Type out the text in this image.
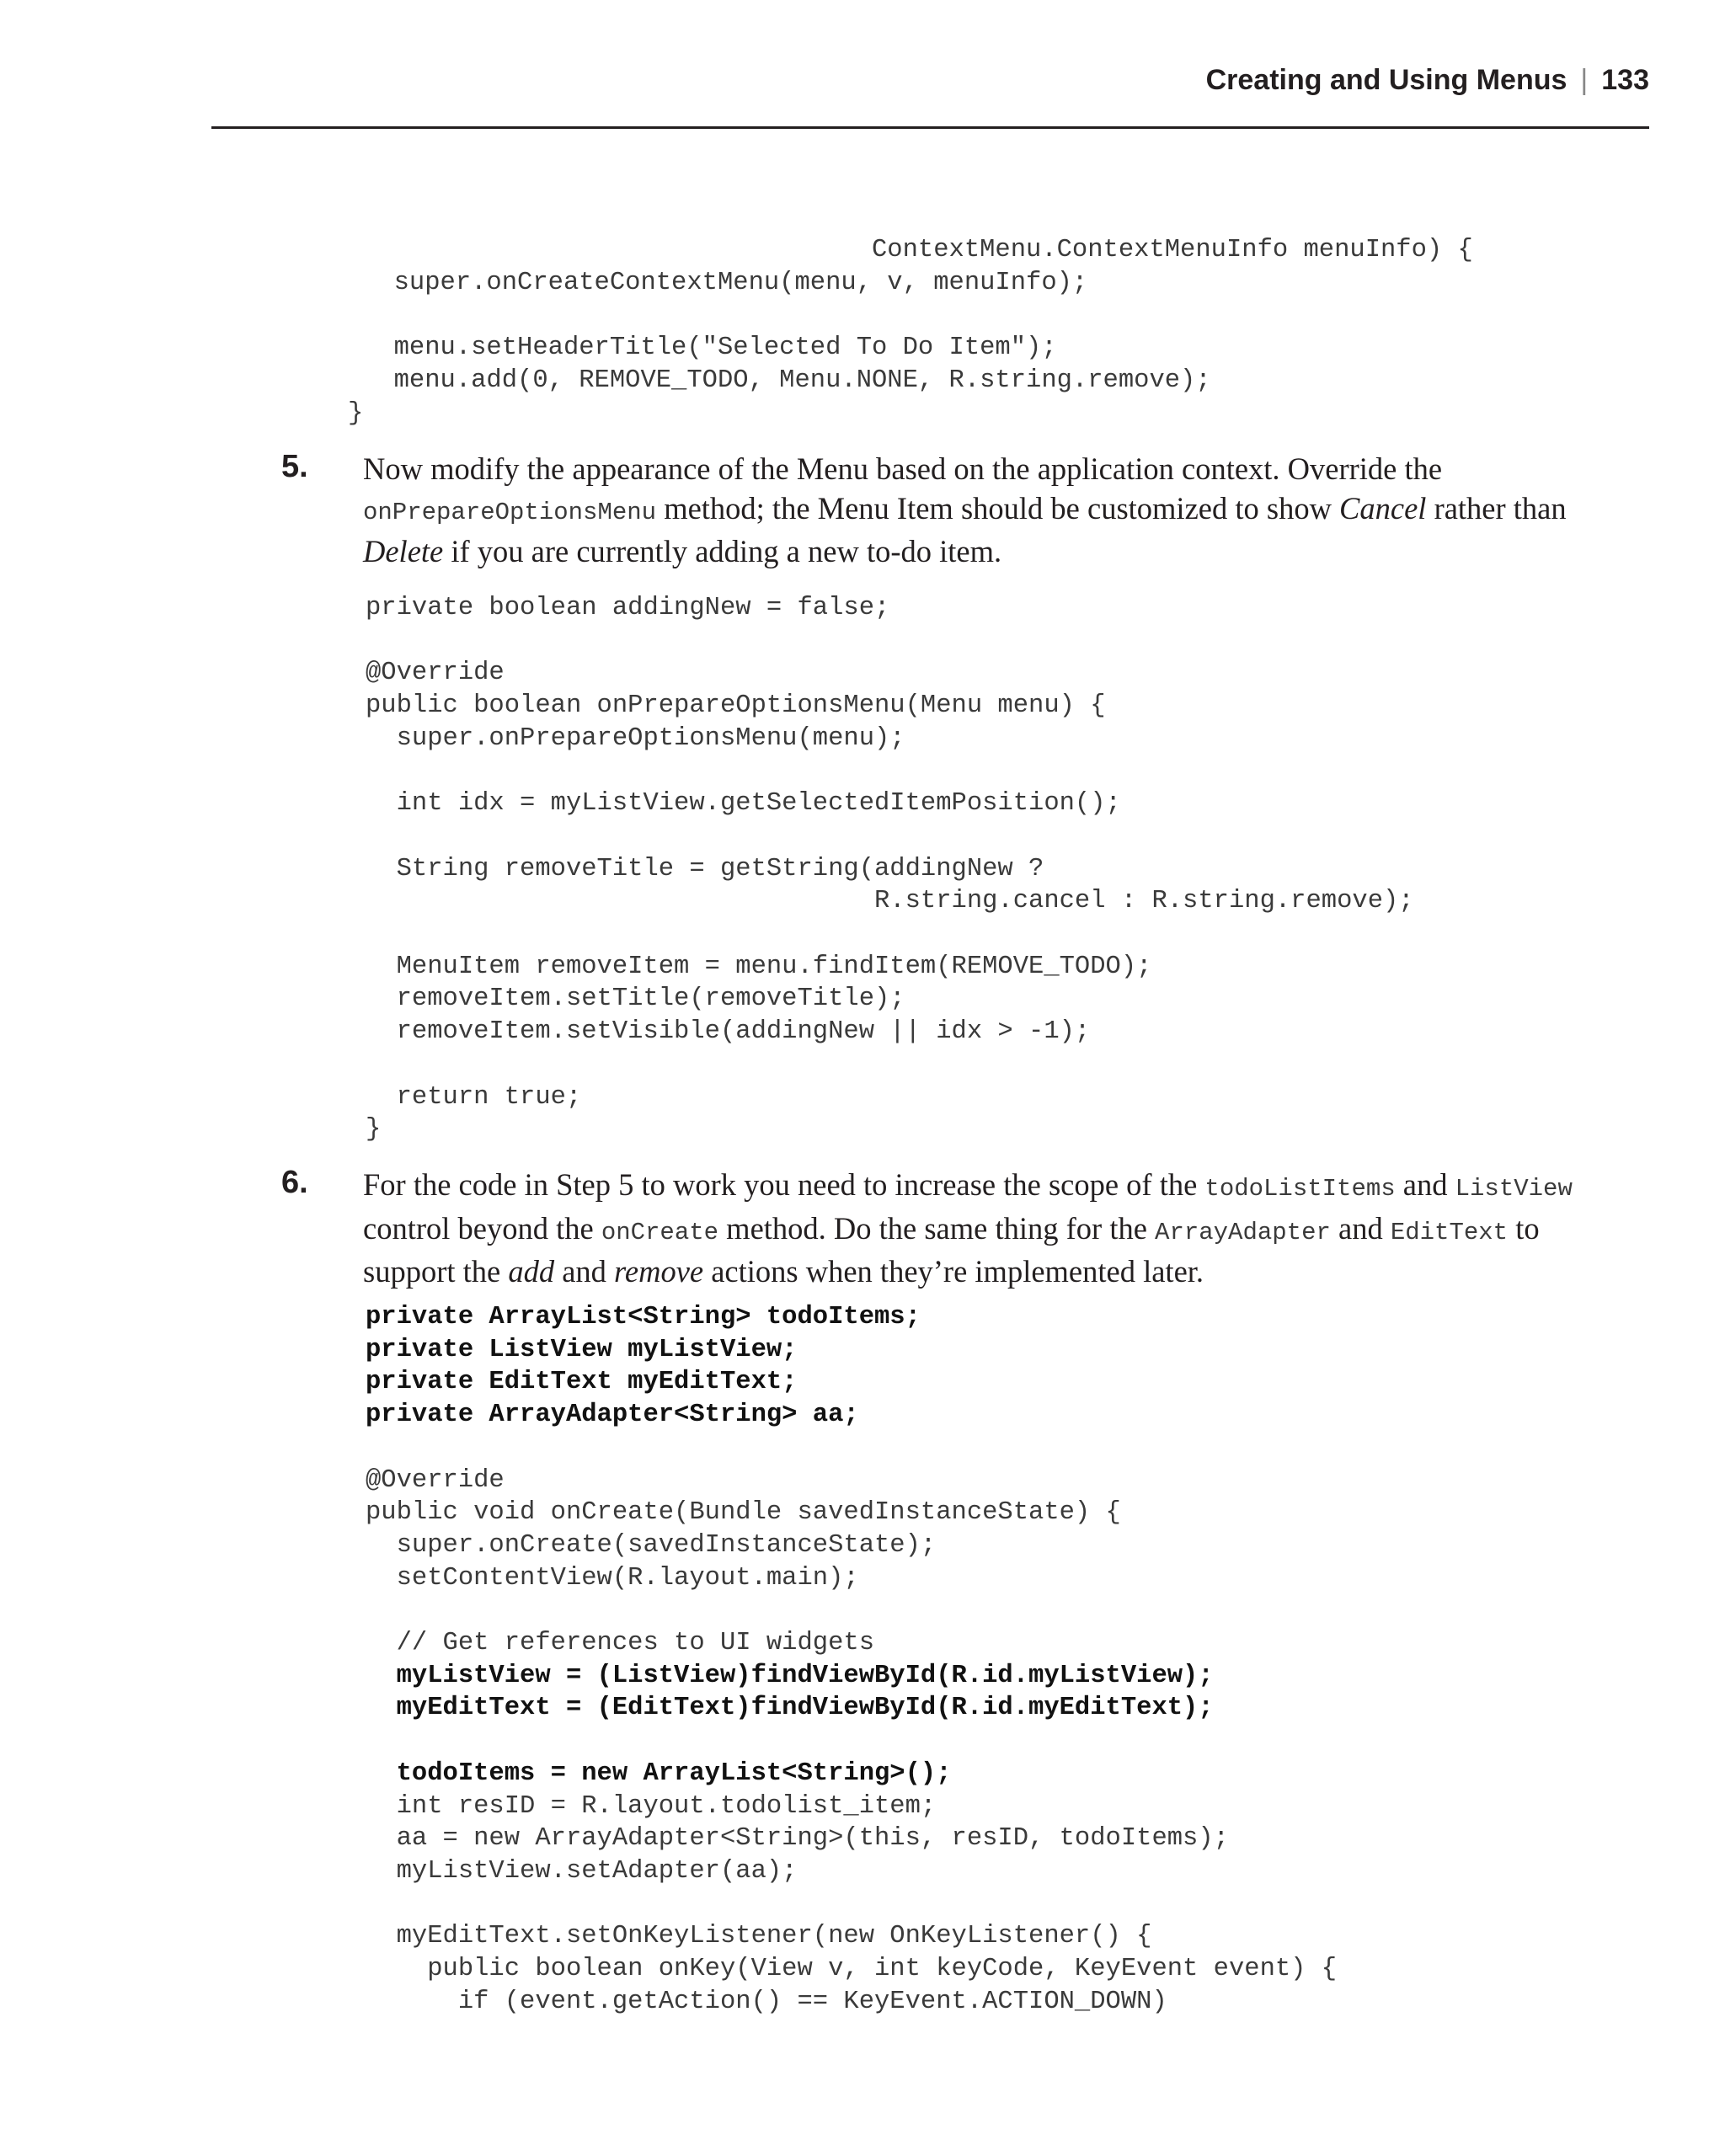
Creating and Using Menus | 133
ContextMenu.ContextMenuInfo menuInfo) {
super.onCreateContextMenu(menu, v, menuInfo);

menu.setHeaderTitle("Selected To Do Item");
menu.add(0, REMOVE_TODO, Menu.NONE, R.string.remove);
}
5. Now modify the appearance of the Menu based on the application context. Override the onPrepareOptionsMenu method; the Menu Item should be customized to show Cancel rather than Delete if you are currently adding a new to-do item.
private boolean addingNew = false;

@Override
public boolean onPrepareOptionsMenu(Menu menu) {
super.onPrepareOptionsMenu(menu);

int idx = myListView.getSelectedItemPosition();

String removeTitle = getString(addingNew ?
R.string.cancel : R.string.remove);

MenuItem removeItem = menu.findItem(REMOVE_TODO);
removeItem.setTitle(removeTitle);
removeItem.setVisible(addingNew || idx > -1);

return true;
}
6. For the code in Step 5 to work you need to increase the scope of the todoListItems and ListView control beyond the onCreate method. Do the same thing for the ArrayAdapter and EditText to support the add and remove actions when they’re implemented later.
private ArrayList<String> todoItems;
private ListView myListView;
private EditText myEditText;
private ArrayAdapter<String> aa;

@Override
public void onCreate(Bundle savedInstanceState) {
super.onCreate(savedInstanceState);
setContentView(R.layout.main);

// Get references to UI widgets
myListView = (ListView)findViewById(R.id.myListView);
myEditText = (EditText)findViewById(R.id.myEditText);

todoItems = new ArrayList<String>();
int resID = R.layout.todolist_item;
aa = new ArrayAdapter<String>(this, resID, todoItems);
myListView.setAdapter(aa);

myEditText.setOnKeyListener(new OnKeyListener() {
public boolean onKey(View v, int keyCode, KeyEvent event) {
if (event.getAction() == KeyEvent.ACTION_DOWN)
